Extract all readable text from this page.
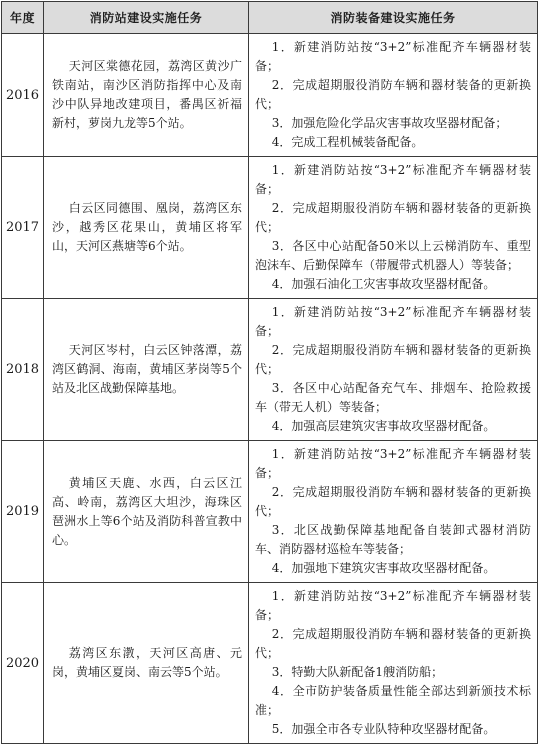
年度	消防站建设实施任务	消防装备建设实施任务
2016	天河区棠德花园，荔湾区黄沙广铁南站，南沙区消防指挥中心及南沙中队异地改建项目，番禺区祈福新村，萝岗九龙等5个站。	1．新建消防站按“3+2”标准配齐车辆器材装备；
2．完成超期服役消防车辆和器材装备的更新换代；
3．加强危险化学品灾害事故攻坚器材配备；
4．完成工程机械装备配备。

2017	白云区同德围、凰岗，荔湾区东沙，越秀区花果山，黄埔区将军山，天河区燕塘等6个站。	1．新建消防站按“3+2”标准配齐车辆器材装备；
2．完成超期服役消防车辆和器材装备的更新换代；
3．各区中心站配备50米以上云梯消防车、重型泡沫车、后勤保障车（带履带式机器人）等装备；
4．加强石油化工灾害事故攻坚器材配备。

2018	天河区岑村，白云区钟落潭，荔湾区鹤洞、海南，黄埔区茅岗等5个站及北区战勤保障基地。	1．新建消防站按“3+2”标准配齐车辆器材装备；
2．完成超期服役消防车辆和器材装备的更新换代；
3．各区中心站配备充气车、排烟车、抢险救援车（带无人机）等装备；
4．加强高层建筑灾害事故攻坚器材配备。

2019	黄埔区天鹿、水西，白云区江高、岭南，荔湾区大坦沙，海珠区琶洲水上等6个站及消防科普宣教中心。	1．新建消防站按“3+2”标准配齐车辆器材装备；
2．完成超期服役消防车辆和器材装备的更新换代；
3．北区战勤保障基地配备自装卸式器材消防车、消防器材巡检车等装备；
4．加强地下建筑灾害事故攻坚器材配备。

2020	荔湾区东漖，天河区高唐、元岗，黄埔区夏岗、南云等5个站。	1．新建消防站按“3+2”标准配齐车辆器材装备；
2．完成超期服役消防车辆和器材装备的更新换代；
3．特勤大队新配备1艘消防船；
4．全市防护装备质量性能全部达到新颁技术标准；
5．加强全市各专业队特种攻坚器材配备。
